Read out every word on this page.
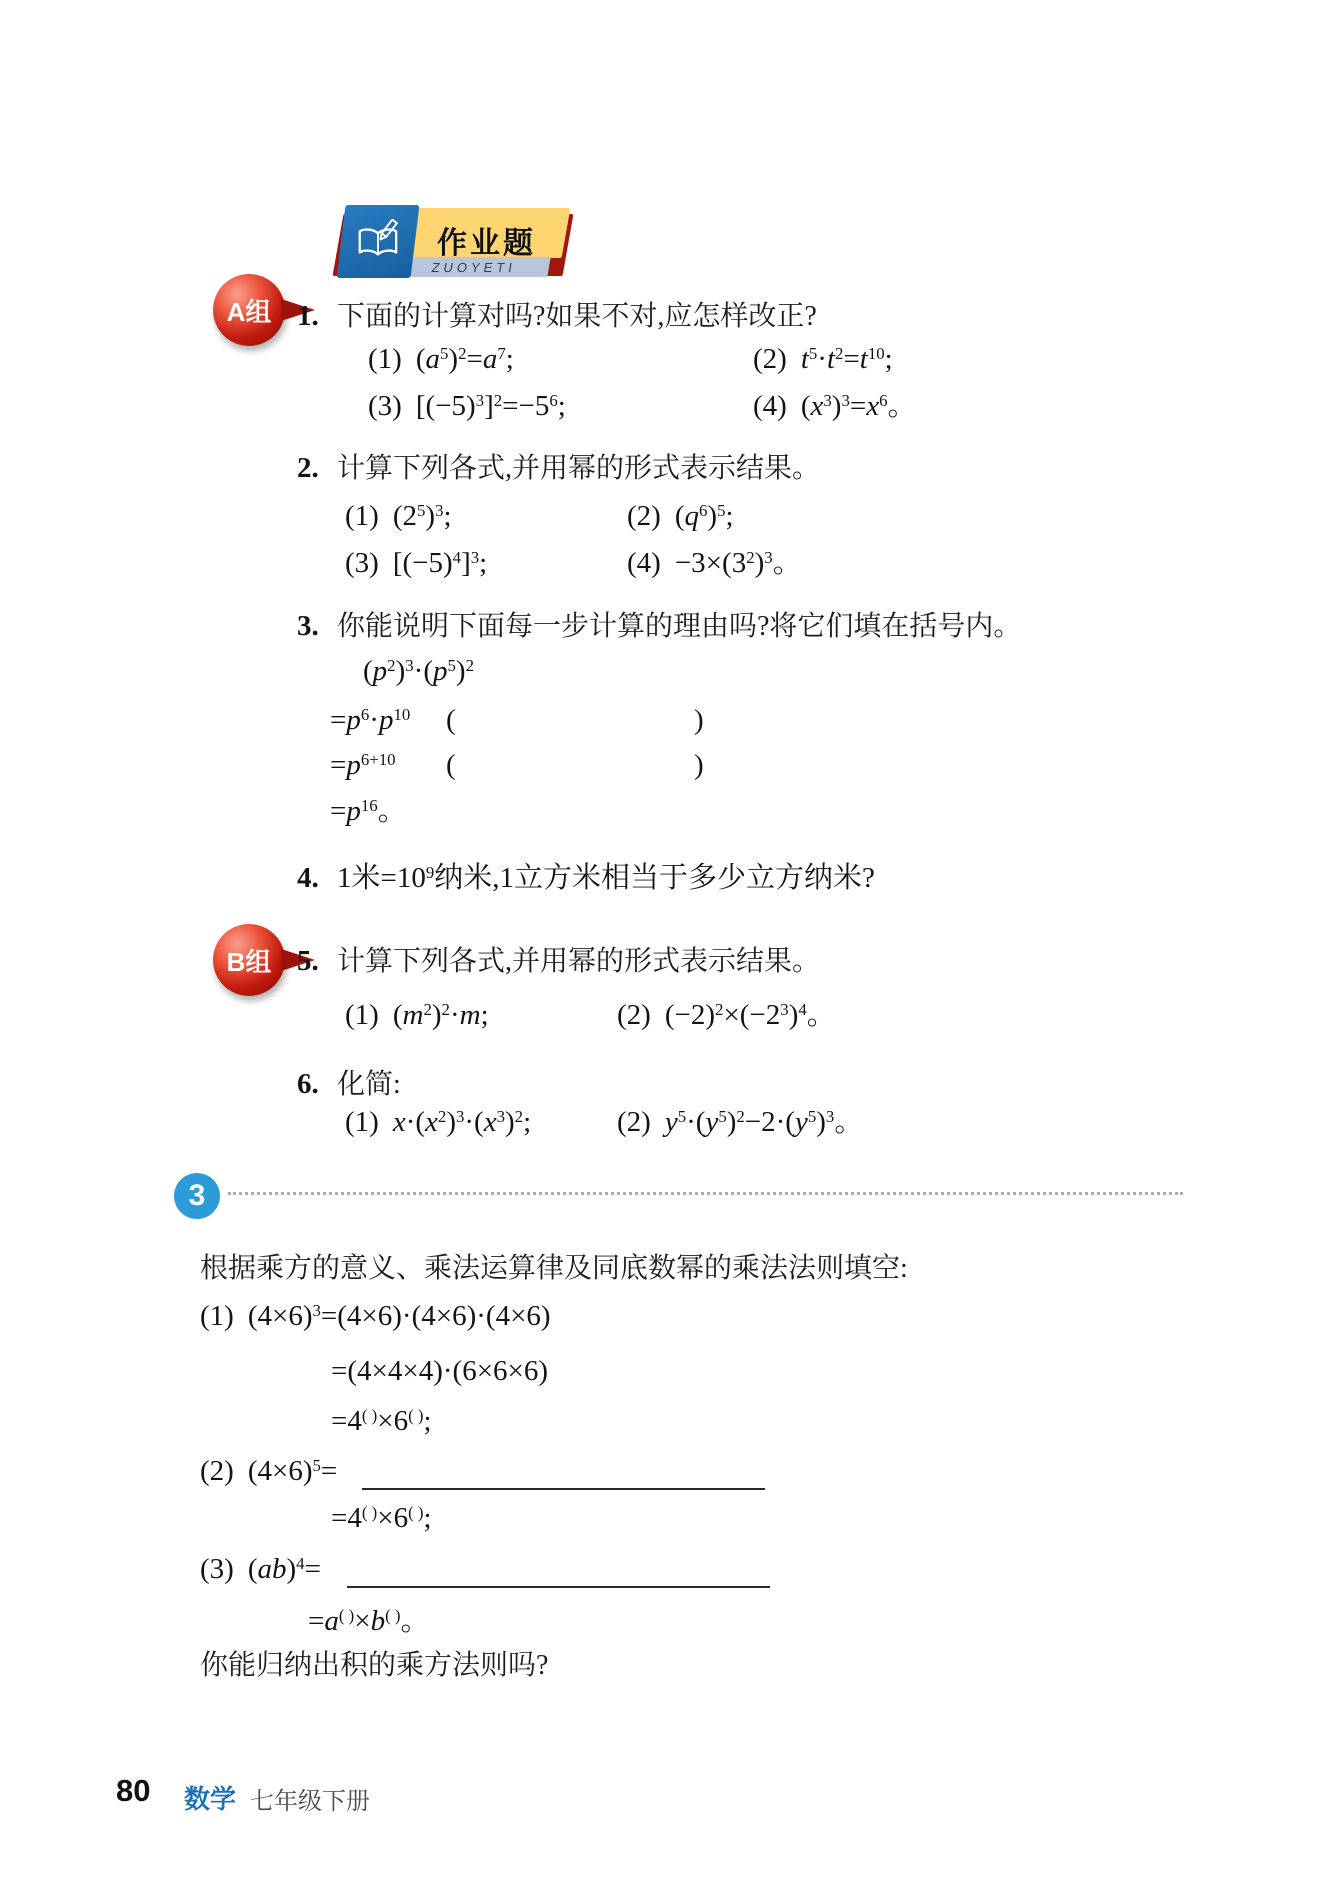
ZUOYETI
作业题
A组 1. 下面的计算对吗?如果不对,应怎样改正?
(1) $(a^5)^2=a^7$;	(2) $t^5\cdot t^2=t^{10}$;
(3) $[(-5)^3]^2=-5^6$;	(4) $(x^3)^3=x^6$。
2. 计算下列各式,并用幂的形式表示结果。
(1) $(2^5)^3$;	(2) $(q^6)^5$;
(3) $[(-5)^4]^3$;	$(4) -3\times(3^2)^3$。
3. 你能说明下面每一步计算的理由吗?将它们填在括号内。
$(p^2)^3\cdot(p^5)^2$
$=p^6\cdot p^{10}$ (	)
$=p^{6+10}$ (	)
$=p^{16}$。
4. 1米$=10^9$纳米,1立方米相当于多少立方纳米?
B组 5. 计算下列各式,并用幂的形式表示结果。
(1) $(m^2)^2\cdot m$;	(2) $(-2)^2\times(-2^3)^4$。
6. 化简:
(1) $x\cdot(x^2)^3\cdot(x^3)^2$;	(2) $y^5\cdot(y^5)^2-2\cdot(y^5)^3$。
3
根据乘方的意义、乘法运算律及同底数幂的乘法法则填空:
(1) $(4\times 6)^3=(4\times 6)\cdot(4\times 6)\cdot(4\times 6)$
=(4×4×4)·(6×6×6)
=4( )×6( );
(2) $(4\times 6)^5=$
=4( )×6( );
(3) (ab)$^4$=
=a( )×b( )。
你能归纳出积的乘方法则吗?
80 数学 七年级下册
